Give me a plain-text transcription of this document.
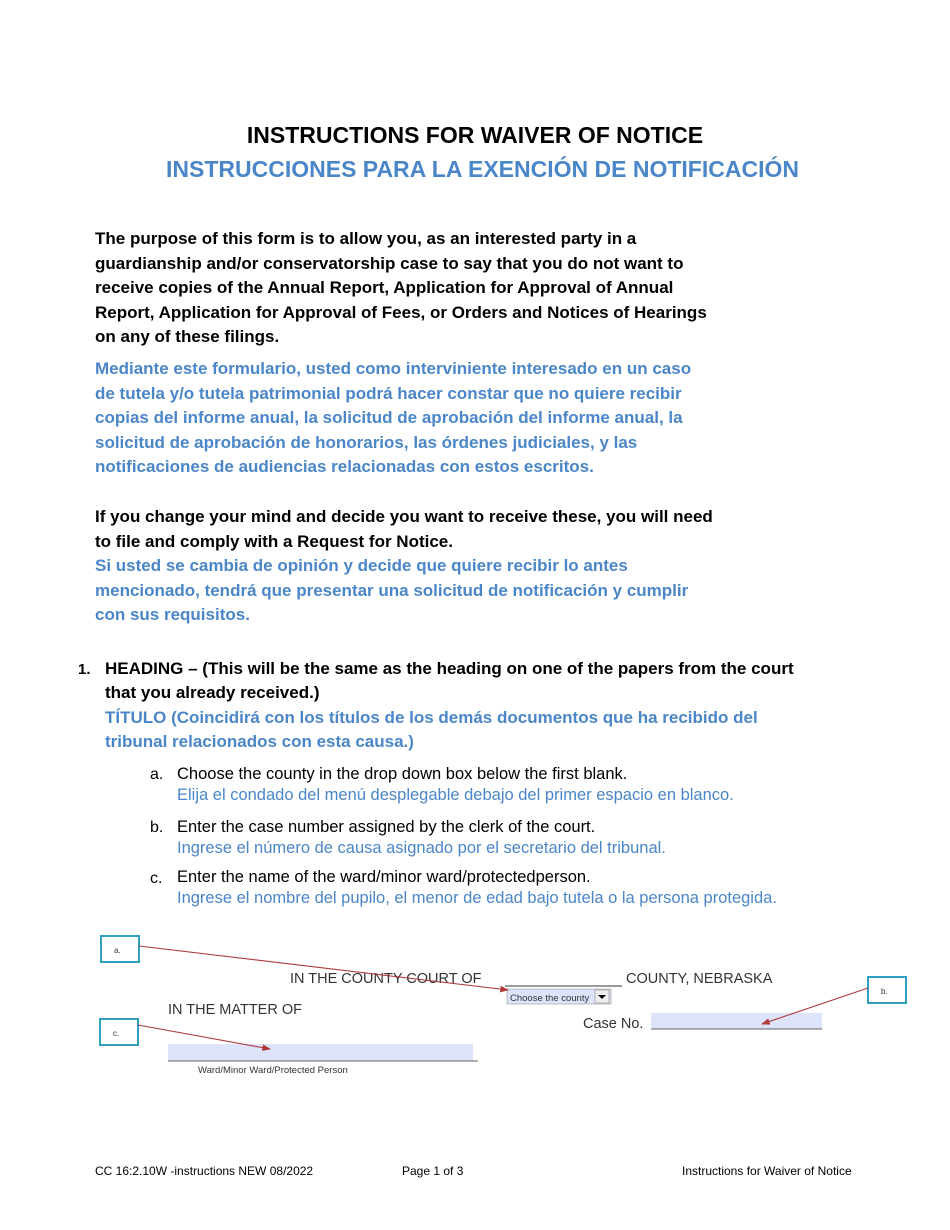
INSTRUCTIONS FOR WAIVER OF NOTICE
INSTRUCCIONES PARA LA EXENCIÓN DE NOTIFICACIÓN
The purpose of this form is to allow you, as an interested party in a
guardianship and/or conservatorship case to say that you do not want to
receive copies of the Annual Report, Application for Approval of Annual
Report, Application for Approval of Fees, or Orders and Notices of Hearings
on any of these filings.
Mediante este formulario, usted como interviniente interesado en un caso
de tutela y/o tutela patrimonial podrá hacer constar que no quiere recibir
copias del informe anual, la solicitud de aprobación del informe anual, la
solicitud de aprobación de honorarios, las órdenes judiciales, y las
notificaciones de audiencias relacionadas con estos escritos.
If you change your mind and decide you want to receive these, you will need
to file and comply with a Request for Notice.
Si usted se cambia de opinión y decide que quiere recibir lo antes
mencionado, tendrá que presentar una solicitud de notificación y cumplir
con sus requisitos.
1. HEADING – (This will be the same as the heading on one of the papers from the court
that you already received.)
TÍTULO (Coincidirá con los títulos de los demás documentos que ha recibido del
tribunal relacionados con esta causa.)
a. Choose the county in the drop down box below the first blank.
Elija el condado del menú desplegable debajo del primer espacio en blanco.
b. Enter the case number assigned by the clerk of the court.
Ingrese el número de causa asignado por el secretario del tribunal.
c. Enter the name of the ward/minor ward/protectedperson.
Ingrese el nombre del pupilo, el menor de edad bajo tutela o la persona protegida.
IN THE COUNTY COURT OF	COUNTY, NEBRASKA
Choose the county
IN THE MATTER OF
Case No.
Ward/Minor Ward/Protected Person
a.
b.
c.
CC 16:2.10W -instructions NEW 08/2022	Page 1 of 3	Instructions for Waiver of Notice
